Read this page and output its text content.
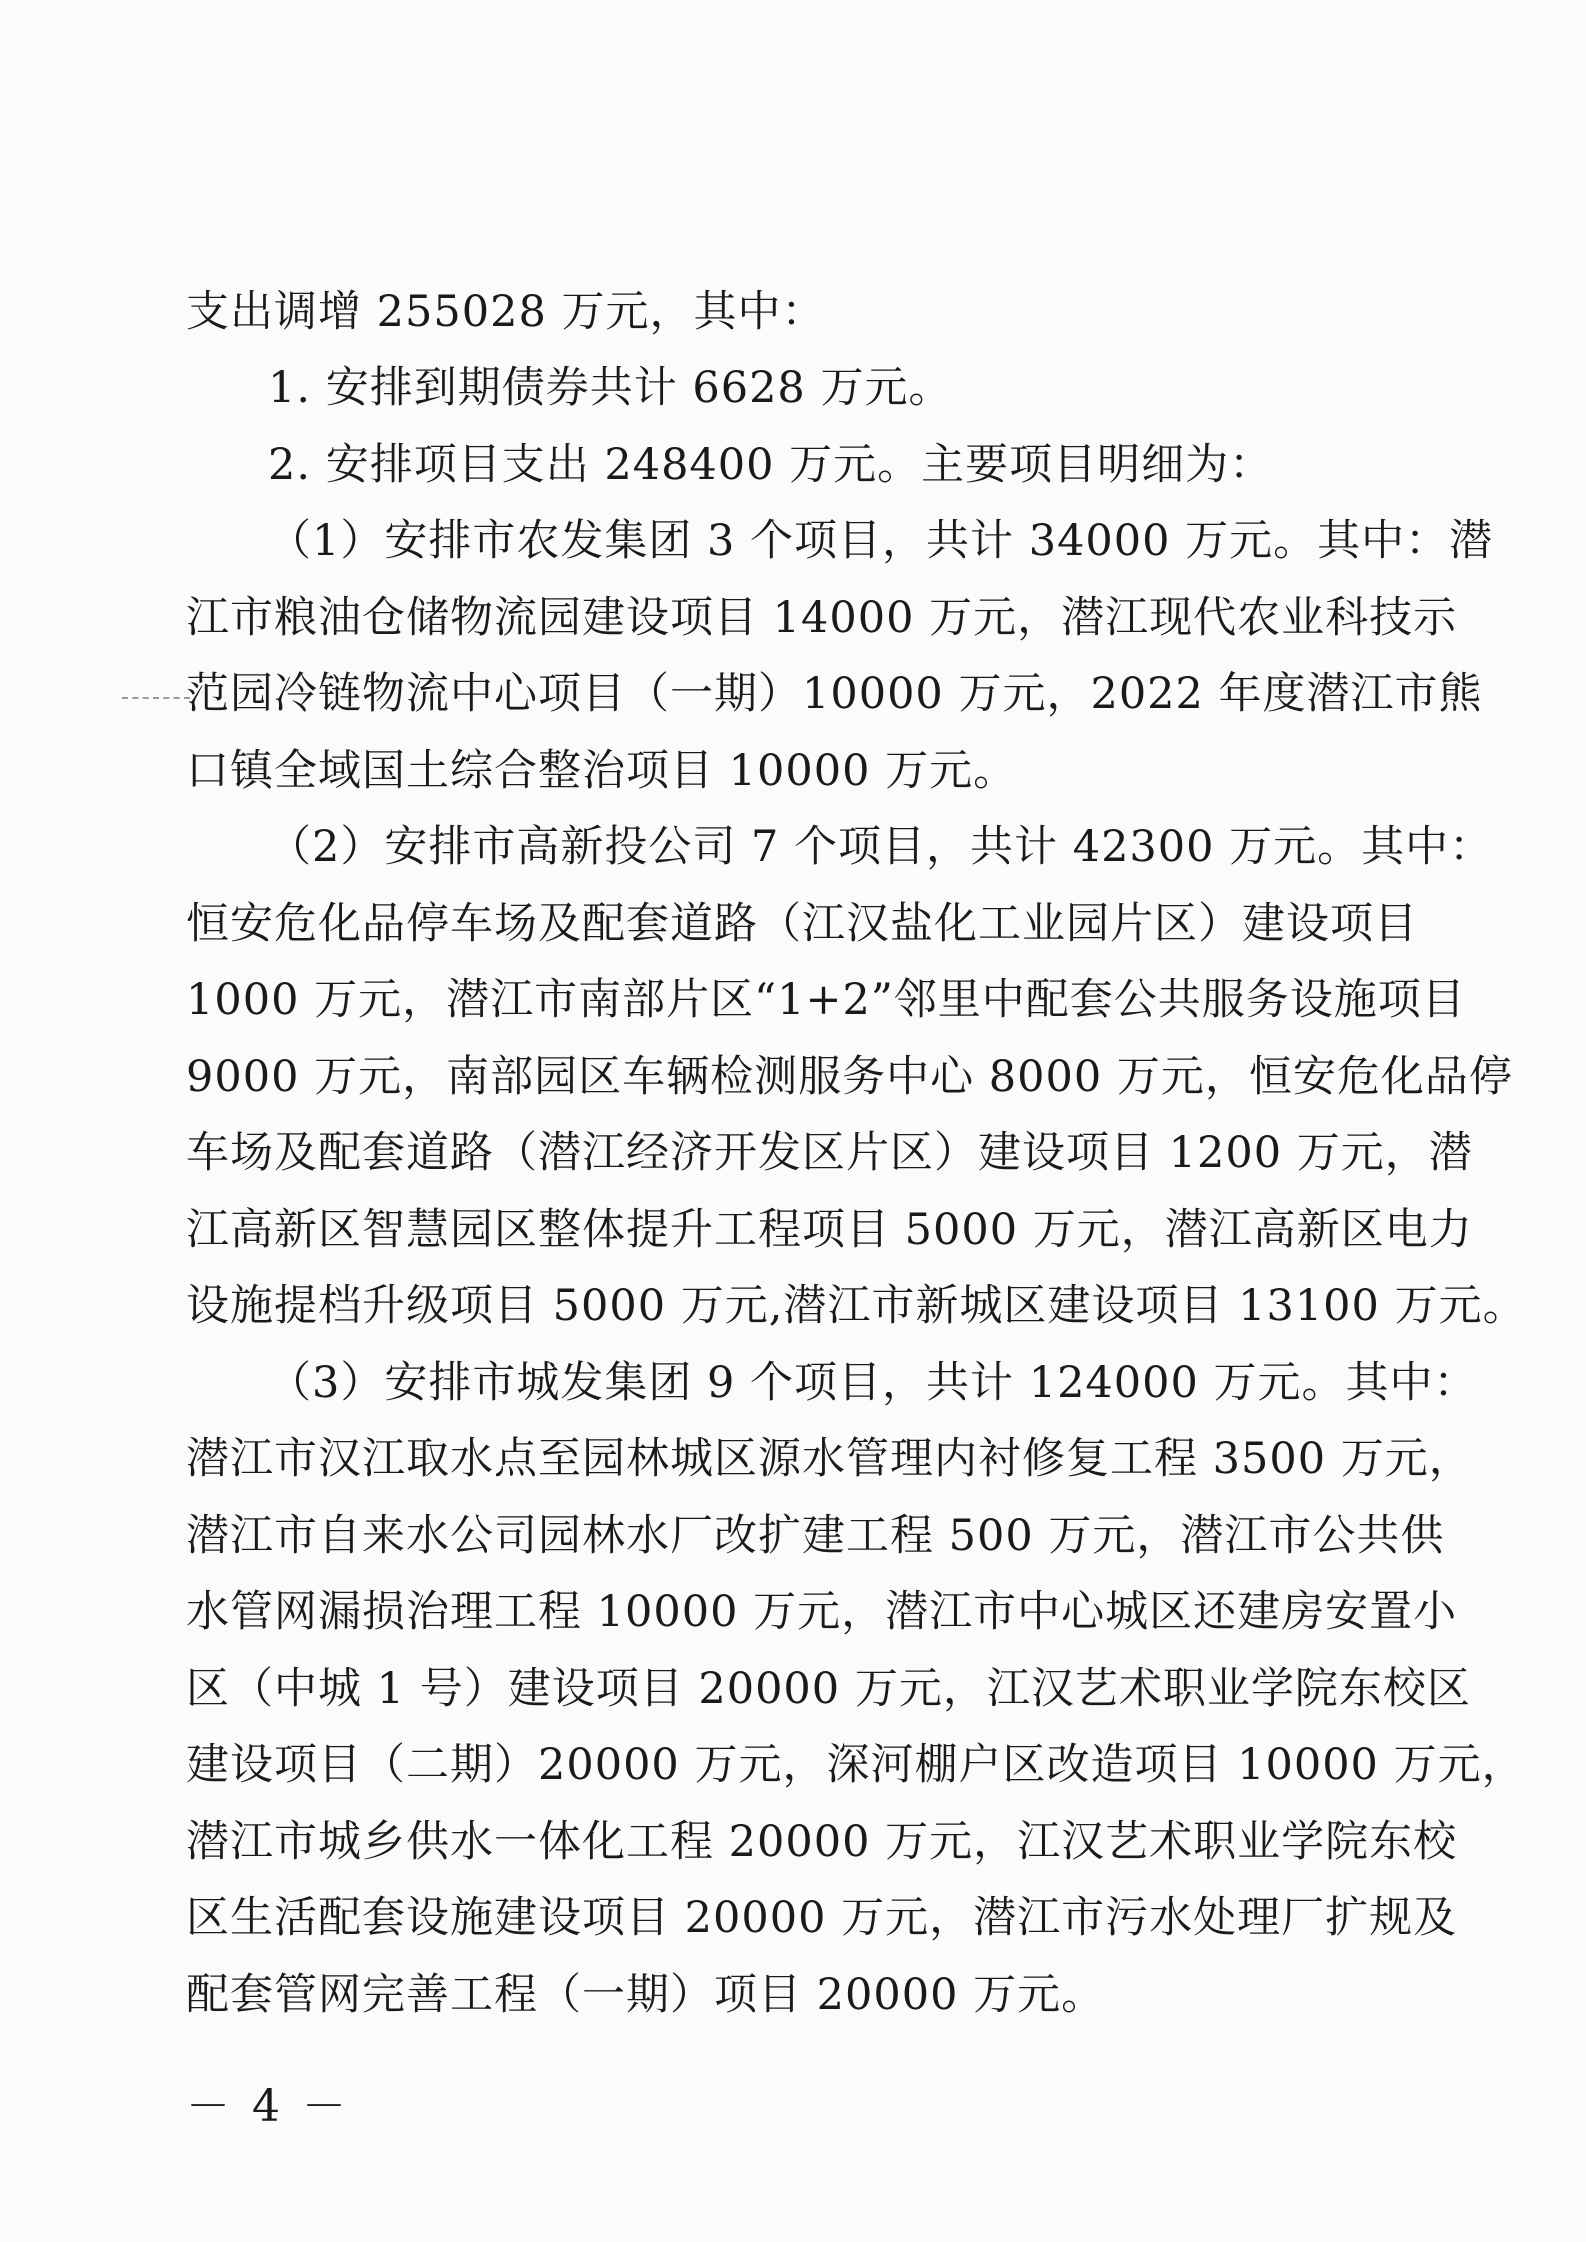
支出调增 255028 万元，其中：
1. 安排到期债券共计 6628 万元。
2. 安排项目支出 248400 万元。主要项目明细为：
（1）安排市农发集团 3 个项目，共计 34000 万元。其中：潜
江市粮油仓储物流园建设项目 14000 万元，潜江现代农业科技示
范园冷链物流中心项目（一期）10000 万元，2022 年度潜江市熊
口镇全域国土综合整治项目 10000 万元。
（2）安排市高新投公司 7 个项目，共计 42300 万元。其中：
恒安危化品停车场及配套道路（江汉盐化工业园片区）建设项目
1000 万元，潜江市南部片区“1+2”邻里中配套公共服务设施项目
9000 万元，南部园区车辆检测服务中心 8000 万元，恒安危化品停
车场及配套道路（潜江经济开发区片区）建设项目 1200 万元，潜
江高新区智慧园区整体提升工程项目 5000 万元，潜江高新区电力
设施提档升级项目 5000 万元,潜江市新城区建设项目 13100 万元。
（3）安排市城发集团 9 个项目，共计 124000 万元。其中：
潜江市汉江取水点至园林城区源水管理内衬修复工程 3500 万元，
潜江市自来水公司园林水厂改扩建工程 500 万元，潜江市公共供
水管网漏损治理工程 10000 万元，潜江市中心城区还建房安置小
区（中城 1 号）建设项目 20000 万元，江汉艺术职业学院东校区
建设项目（二期）20000 万元，深河棚户区改造项目 10000 万元，
潜江市城乡供水一体化工程 20000 万元，江汉艺术职业学院东校
区生活配套设施建设项目 20000 万元，潜江市污水处理厂扩规及
配套管网完善工程（一期）项目 20000 万元。
－ 4 －
